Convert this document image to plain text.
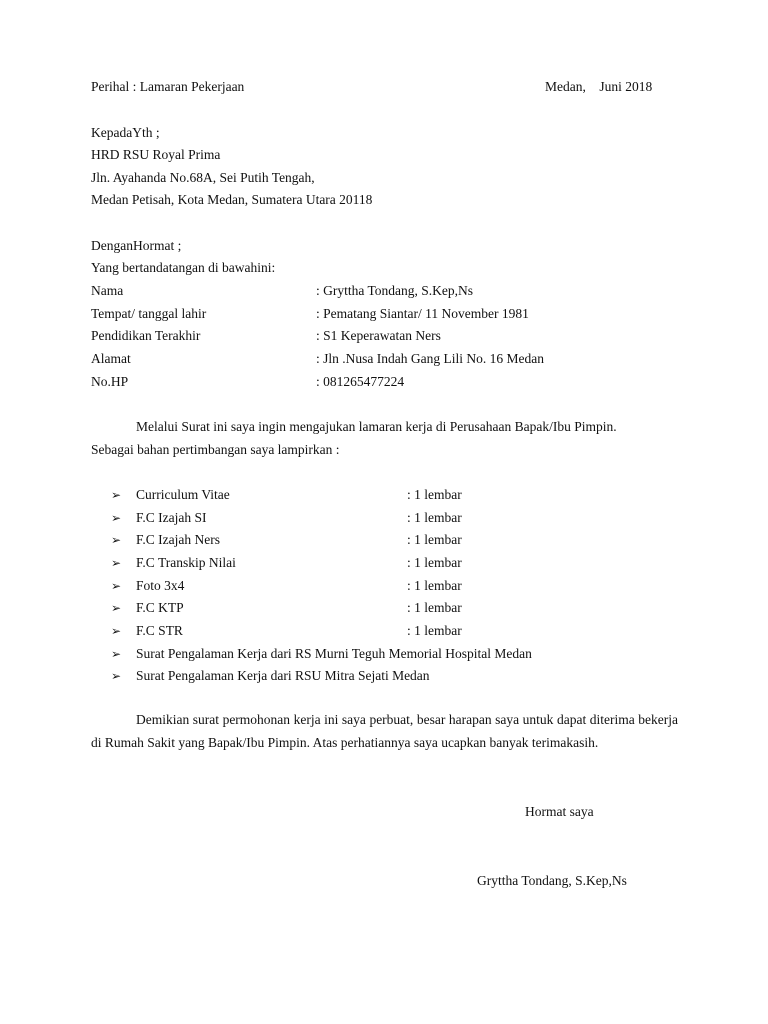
Perihal : Lamaran Pekerjaan	Medan,    Juni 2018
KepadaYth ;
HRD RSU Royal Prima
Jln. Ayahanda No.68A, Sei Putih Tengah,
Medan Petisah, Kota Medan, Sumatera Utara 20118
DenganHormat ;
Yang bertandatangan di bawahini:
Nama	: Gryttha Tondang, S.Kep,Ns
Tempat/ tanggal lahir	: Pematang Siantar/ 11 November 1981
Pendidikan Terakhir	: S1 Keperawatan Ners
Alamat	: Jln .Nusa Indah Gang Lili No. 16 Medan
No.HP	: 081265477224
Melalui Surat ini saya ingin mengajukan lamaran kerja di Perusahaan Bapak/Ibu Pimpin.
Sebagai bahan pertimbangan saya lampirkan :
➢ Curriculum Vitae	: 1 lembar
➢ F.C Izajah SI	: 1 lembar
➢ F.C Izajah Ners	: 1 lembar
➢ F.C Transkip Nilai	: 1 lembar
➢ Foto 3x4	: 1 lembar
➢ F.C KTP	: 1 lembar
➢ F.C STR	: 1 lembar
➢ Surat Pengalaman Kerja dari RS Murni Teguh Memorial Hospital Medan
➢ Surat Pengalaman Kerja dari RSU Mitra Sejati Medan
Demikian surat permohonan kerja ini saya perbuat, besar harapan saya untuk dapat diterima bekerja di Rumah Sakit yang Bapak/Ibu Pimpin. Atas perhatiannya saya ucapkan banyak terimakasih.
Hormat saya
Gryttha Tondang, S.Kep,Ns
